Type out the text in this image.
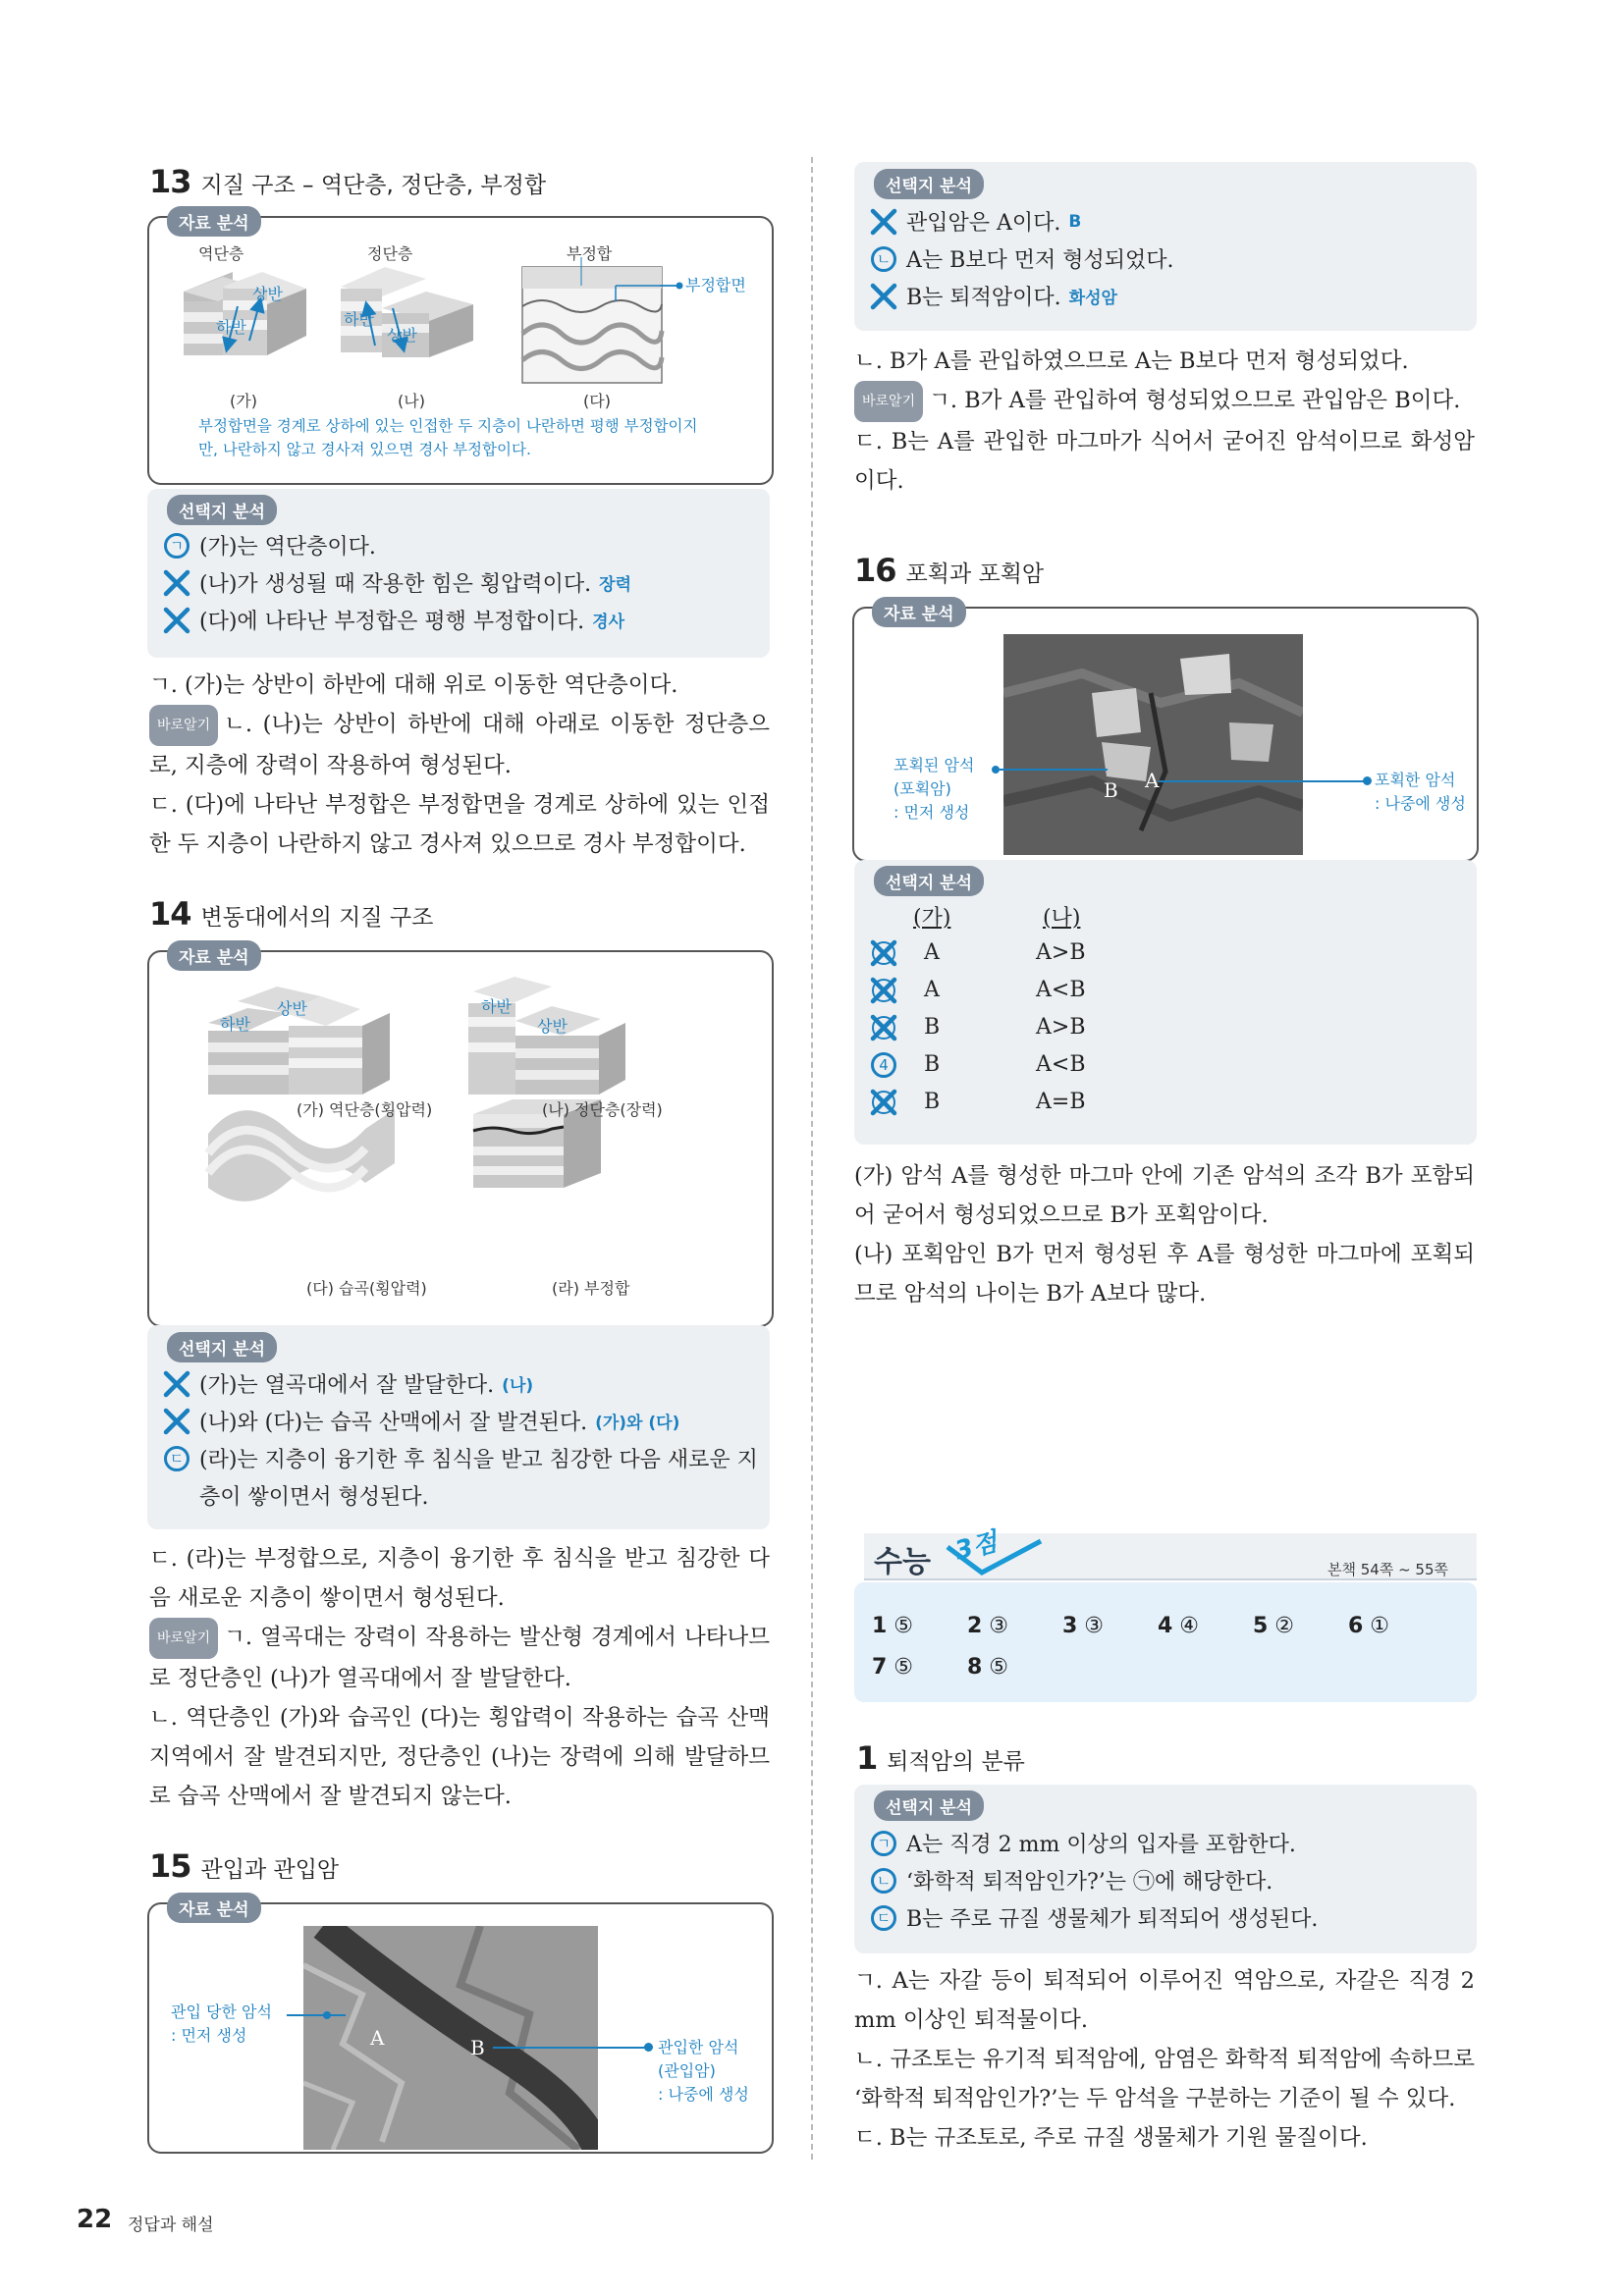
13 지질 구조 – 역단층, 정단층, 부정합
역단층	정단층	부정합
상반
하반	하반
상반
부정합면
(가)	(나)	(다)
부정합면을 경계로 상하에 있는 인접한 두 지층이 나란하면 평행 부정합이지만, 나란하지 않고 경사져 있으면 경사 부정합이다.
자료 분석
선택지 분석
ㄱ (가)는 역단층이다.
(나)가 생성될 때 작용한 힘은 횡압력이다. 장력
(다)에 나타난 부정합은 평행 부정합이다. 경사
ㄱ. (가)는 상반이 하반에 대해 위로 이동한 역단층이다.
바로알기 ㄴ. (나)는 상반이 하반에 대해 아래로 이동한 정단층으로, 지층에 장력이 작용하여 형성된다.
ㄷ. (다)에 나타난 부정합은 부정합면을 경계로 상하에 있는 인접한 두 지층이 나란하지 않고 경사져 있으므로 경사 부정합이다.
14 변동대에서의 지질 구조
하반
상반	하반
상반
(가) 역단층(횡압력)	(나) 정단층(장력)
(다) 습곡(횡압력)	(라) 부정합
자료 분석
선택지 분석
(가)는 열곡대에서 잘 발달한다. (나)
(나)와 (다)는 습곡 산맥에서 잘 발견된다. (가)와 (다)
ㄷ (라)는 지층이 융기한 후 침식을 받고 침강한 다음 새로운 지
층이 쌓이면서 형성된다.
ㄷ. (라)는 부정합으로, 지층이 융기한 후 침식을 받고 침강한 다음 새로운 지층이 쌓이면서 형성된다.
바로알기 ㄱ. 열곡대는 장력이 작용하는 발산형 경계에서 나타나므로 정단층인 (나)가 열곡대에서 잘 발달한다.
ㄴ. 역단층인 (가)와 습곡인 (다)는 횡압력이 작용하는 습곡 산맥 지역에서 잘 발견되지만, 정단층인 (나)는 장력에 의해 발달하므로 습곡 산맥에서 잘 발견되지 않는다.
15 관입과 관입암
A	B
관입 당한 암석
: 먼저 생성
관입한 암석
(관입암)
: 나중에 생성
자료 분석
선택지 분석
관입암은 A이다. B
ㄴ A는 B보다 먼저 형성되었다.
B는 퇴적암이다. 화성암
ㄴ. B가 A를 관입하였으므로 A는 B보다 먼저 형성되었다.
바로알기 ㄱ. B가 A를 관입하여 형성되었으므로 관입암은 B이다.
ㄷ. B는 A를 관입한 마그마가 식어서 굳어진 암석이므로 화성암이다.
16 포획과 포획암
B A
포획된 암석
(포획암)
: 먼저 생성
포획한 암석
: 나중에 생성
자료 분석
선택지 분석
(가)	(나)
A	A>B
A	A<B
B	A>B
4	B	A<B
B	A=B
(가) 암석 A를 형성한 마그마 안에 기존 암석의 조각 B가 포함되어 굳어서 형성되었으므로 B가 포획암이다.
(나) 포획암인 B가 먼저 형성된 후 A를 형성한 마그마에 포획되므로 암석의 나이는 B가 A보다 많다.
수능 3점
본책 54쪽 ~ 55쪽
1 ⑤ 2 ③ 3 ③ 4 ④ 5 ② 6 ①
7 ⑤ 8 ⑤
1 퇴적암의 분류
선택지 분석
ㄱ A는 직경 2 mm 이상의 입자를 포함한다.
ㄴ ‘화학적 퇴적암인가?’는 ㉠에 해당한다.
ㄷ B는 주로 규질 생물체가 퇴적되어 생성된다.
ㄱ. A는 자갈 등이 퇴적되어 이루어진 역암으로, 자갈은 직경 2 mm 이상인 퇴적물이다.
ㄴ. 규조토는 유기적 퇴적암에, 암염은 화학적 퇴적암에 속하므로 ‘화학적 퇴적암인가?’는 두 암석을 구분하는 기준이 될 수 있다.
ㄷ. B는 규조토로, 주로 규질 생물체가 기원 물질이다.
22 정답과 해설
